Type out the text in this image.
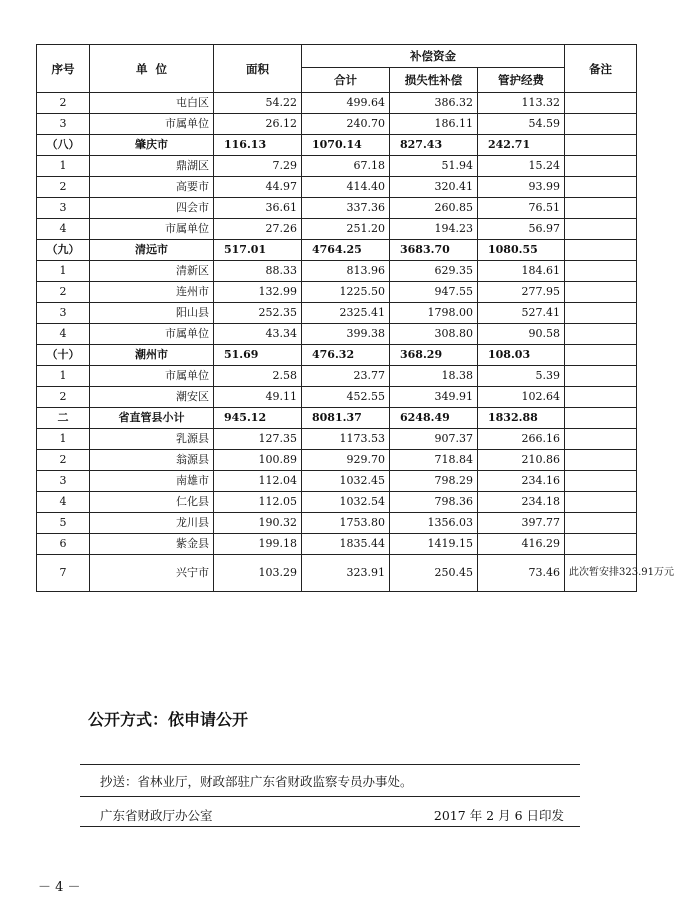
序号	单  位	面积	补偿资金			备注
			合计	损失性补偿	管护经费	
2	屯白区	54.22	499.64	386.32	113.32	
3	市属单位	26.12	240.70	186.11	54.59	
（八）	肇庆市	116.13	1070.14	827.43	242.71	
1	鼎湖区	7.29	67.18	51.94	15.24	
2	高要市	44.97	414.40	320.41	93.99	
3	四会市	36.61	337.36	260.85	76.51	
4	市属单位	27.26	251.20	194.23	56.97	
（九）	清远市	517.01	4764.25	3683.70	1080.55	
1	清新区	88.33	813.96	629.35	184.61	
2	连州市	132.99	1225.50	947.55	277.95	
3	阳山县	252.35	2325.41	1798.00	527.41	
4	市属单位	43.34	399.38	308.80	90.58	
（十）	潮州市	51.69	476.32	368.29	108.03	
1	市属单位	2.58	23.77	18.38	5.39	
2	潮安区	49.11	452.55	349.91	102.64	
二	省直管县小计	945.12	8081.37	6248.49	1832.88	
1	乳源县	127.35	1173.53	907.37	266.16	
2	翁源县	100.89	929.70	718.84	210.86	
3	南雄市	112.04	1032.45	798.29	234.16	
4	仁化县	112.05	1032.54	798.36	234.18	
5	龙川县	190.32	1753.80	1356.03	397.77	
6	紫金县	199.18	1835.44	1419.15	416.29	
7	兴宁市	103.29	323.91	250.45	73.46	此次暂安排323.91万元
公开方式：依申请公开
抄送：省林业厅，财政部驻广东省财政监察专员办事处。
广东省财政厅办公室	2017 年 2 月 6 日印发
－ 4 －
